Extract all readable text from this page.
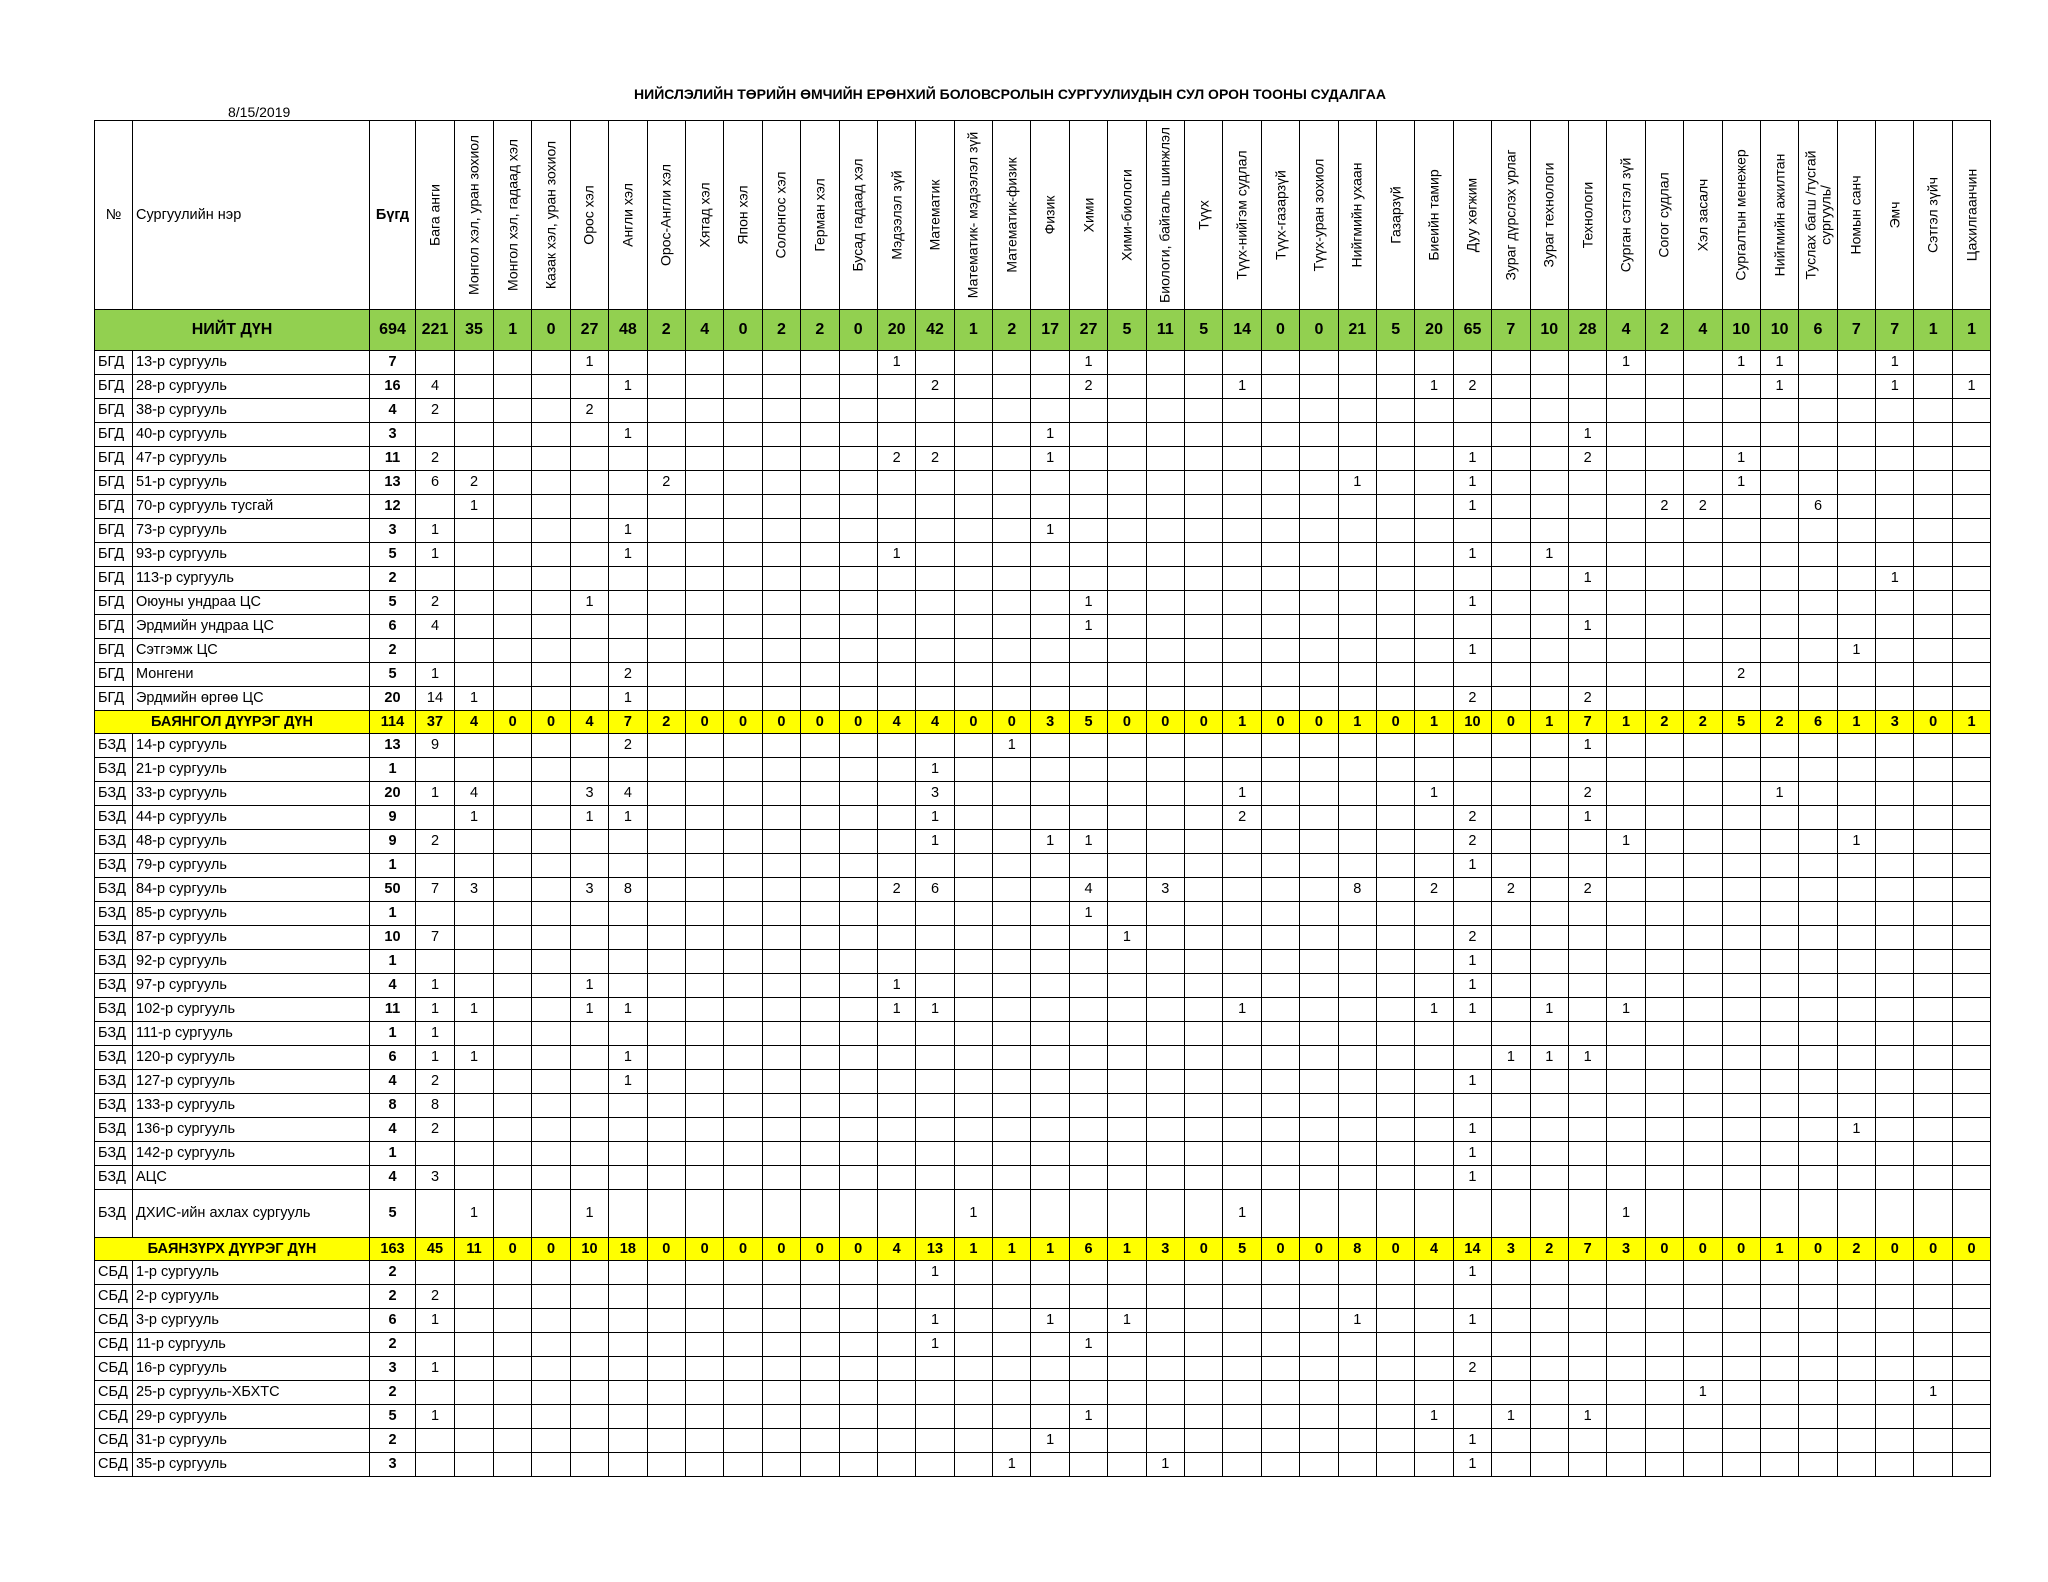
НИЙСЛЭЛИЙН ТӨРИЙН ӨМЧИЙН ЕРӨНХИЙ БОЛОВСРОЛЫН СУРГУУЛИУДЫН СУЛ ОРОН ТООНЫ СУДАЛГАА
8/15/2019
№	Сургуулийн нэр	Бүгд	Бага анги	Монгол хэл, уран зохиол	Монгол хэл, гадаад хэл	Казак хэл, уран зохиол	Орос хэл	Англи хэл	Орос-Англи хэл	Хятад хэл	Япон хэл	Солонгос хэл	Герман хэл	Бусад гадаад хэл	Мэдээлэл зүй	Математик	Математик- мэдээлэл зүй	Математик-физик	Физик	Хими	Хими-биологи	Биологи, байгаль шинжлэл	Түүх	Түүх-нийгэм судлал	Түүх-газарзүй	Түүх-уран зохиол	Нийгмийн ухаан	Газарзүй	Биеийн тамир	Дуу хөгжим	Зураг дүрслэх урлаг	Зураг технологи	Технологи	Сурган сэтгэл зүй	Согог судлал	Хэл засалч	Сургалтын менежер	Нийгмийн ажилтан	Туслах багш /тусгай сургууль/	Номын санч	Эмч	Сэтгэл зүйч	Цахилгаанчин

НИЙТ ДҮН		694	221	35	1	0	27	48	2	4	0	2	2	0	20	42	1	2	17	27	5	11	5	14	0	0	21	5	20	65	7	10	28	4	2	4	10	10	6	7	7	1	1
БГД	13-р сургууль	7					1								1					1														1			1	1			1		
БГД	28-р сургууль	16	4					1								2				2				1					1	2								1			1		1
БГД	38-р сургууль	4	2				2																																				
БГД	40-р сургууль	3						1											1														1										
БГД	47-р сургууль	11	2												2	2			1											1			2				1						
БГД	51-р сургууль	13	6	2					2																		1			1							1						
БГД	70-р сургууль тусгай	12		1																										1					2	2			6				
БГД	73-р сургууль	3	1					1											1																								
БГД	93-р сургууль	5	1					1							1															1		1											
БГД	113-р сургууль	2																															1								1		
БГД	Оюуны ундраа ЦС	5	2				1													1										1													
БГД	Эрдмийн ундраа ЦС	6	4																	1													1										
БГД	Сэтгэмж ЦС	2																												1										1			
БГД	Монгени	5	1					2																													2						
БГД	Эрдмийн өргөө ЦС	20	14	1				1																						2			2										
БАЯНГОЛ ДҮҮРЭГ ДҮН		114	37	4	0	0	4	7	2	0	0	0	0	0	4	4	0	0	3	5	0	0	0	1	0	0	1	0	1	10	0	1	7	1	2	2	5	2	6	1	3	0	1
БЗД	14-р сургууль	13	9					2										1															1										
БЗД	21-р сургууль	1														1																											
БЗД	33-р сургууль	20	1	4			3	4								3								1					1				2					1					
БЗД	44-р сургууль	9		1			1	1								1								2						2			1										
БЗД	48-р сургууль	9	2													1			1	1										2				1						1			
БЗД	79-р сургууль	1																												1													
БЗД	84-р сургууль	50	7	3			3	8							2	6				4		3					8		2		2		2										
БЗД	85-р сургууль	1																		1																							
БЗД	87-р сургууль	10	7																		1									2													
БЗД	92-р сургууль	1																												1													
БЗД	97-р сургууль	4	1				1								1															1													
БЗД	102-р сургууль	11	1	1			1	1							1	1								1					1	1		1		1									
БЗД	111-р сургууль	1	1																																								
БЗД	120-р сургууль	6	1	1				1																							1	1	1										
БЗД	127-р сургууль	4	2					1																						1													
БЗД	133-р сургууль	8	8																																								
БЗД	136-р сургууль	4	2																											1										1			
БЗД	142-р сургууль	1																												1													
БЗД	АЦС	4	3																											1													
БЗД	ДХИС-ийн ахлах сургууль	5		1			1										1							1										1									
БАЯНЗҮРХ ДҮҮРЭГ ДҮН		163	45	11	0	0	10	18	0	0	0	0	0	0	4	13	1	1	1	6	1	3	0	5	0	0	8	0	4	14	3	2	7	3	0	0	0	1	0	2	0	0	0
СБД	1-р сургууль	2														1														1													
СБД	2-р сургууль	2	2																																								
СБД	3-р сургууль	6	1													1			1		1						1			1													
СБД	11-р сургууль	2														1				1																							
СБД	16-р сургууль	3	1																											2													
СБД	25-р сургууль-ХБХТС	2																																		1						1	
СБД	29-р сургууль	5	1																	1									1		1		1										
СБД	31-р сургууль	2																	1											1													
СБД	35-р сургууль	3																1				1								1													
